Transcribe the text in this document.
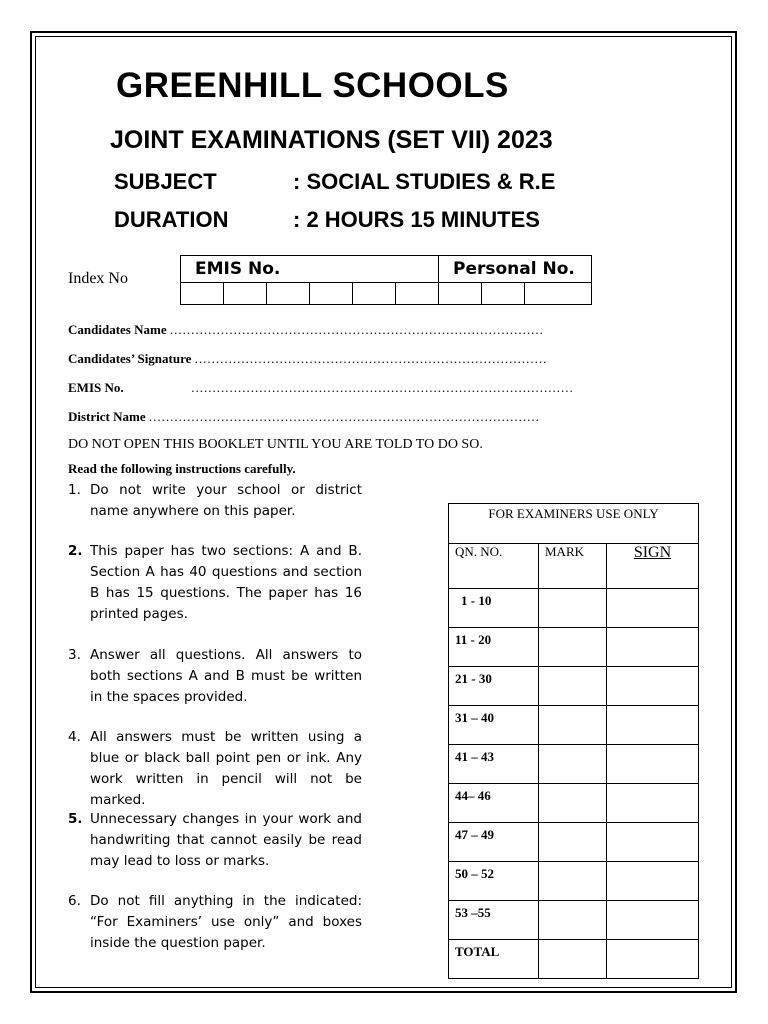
GREENHILL SCHOOLS
JOINT EXAMINATIONS (SET VII) 2023
SUBJECT	: SOCIAL STUDIES & R.E
DURATION	: 2 HOURS 15 MINUTES
Index No	EMIS No.						Personal No.		

Candidates Name ........................................................................................
Candidates’ Signature ...................................................................................
EMIS No.	..........................................................................................
District Name ............................................................................................
DO NOT OPEN THIS BOOKLET UNTIL YOU ARE TOLD TO DO SO.
Read the following instructions carefully.
1. Do not write your school or district name anywhere on this paper.
2. This paper has two sections: A and B. Section A has 40 questions and section B has 15 questions. The paper has 16 printed pages.
3. Answer all questions. All answers to both sections A and B must be written in the spaces provided.
4. All answers must be written using a blue or black ball point pen or ink. Any work written in pencil will not be marked.
5. Unnecessary changes in your work and handwriting that cannot easily be read may lead to loss or marks.
6. Do not fill anything in the indicated: “For Examiners’ use only” and boxes inside the question paper.
FOR EXAMINERS USE ONLY		
QN. NO.	MARK	SIGN
1 - 10		
11 - 20		
21 - 30		
31 – 40		
41 – 43		
44– 46		
47 – 49		
50 – 52		
53 –55		
TOTAL		
